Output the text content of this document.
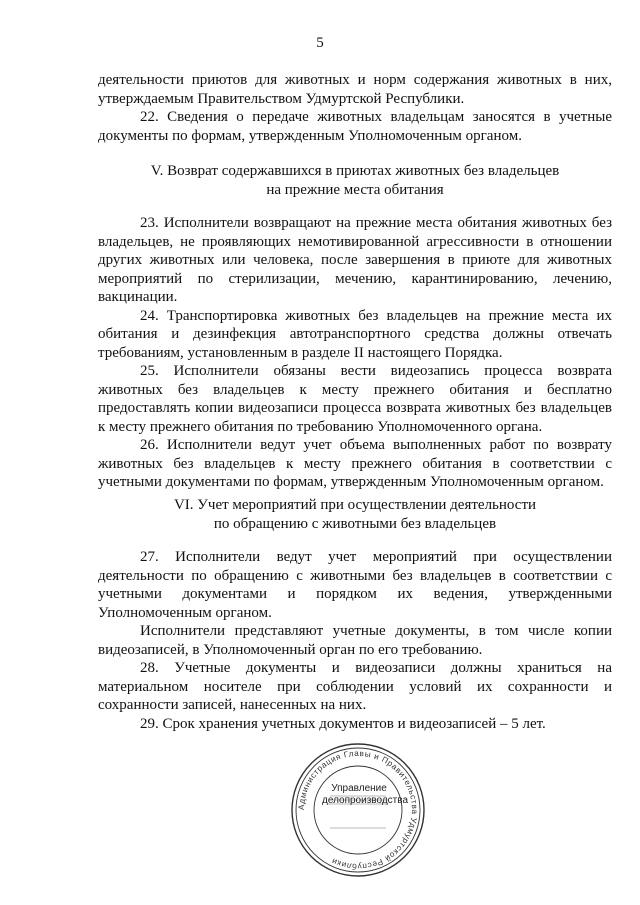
5

деятельности приютов для животных и норм содержания животных в них, утверждаемым Правительством Удмуртской Республики.

22. Сведения о передаче животных владельцам заносятся в учетные документы по формам, утвержденным Уполномоченным органом.

V. Возврат содержавшихся в приютах животных без владельцев
на прежние места обитания

23. Исполнители возвращают на прежние места обитания животных без владельцев, не проявляющих немотивированной агрессивности в отношении других животных или человека, после завершения в приюте для животных мероприятий по стерилизации, мечению, карантинированию, лечению, вакцинации.

24. Транспортировка животных без владельцев на прежние места их обитания и дезинфекция автотранспортного средства должны отвечать требованиям, установленным в разделе II настоящего Порядка.

25. Исполнители обязаны вести видеозапись процесса возврата животных без владельцев к месту прежнего обитания и бесплатно предоставлять копии видеозаписи процесса возврата животных без владельцев к месту прежнего обитания по требованию Уполномоченного органа.

26. Исполнители ведут учет объема выполненных работ по возврату животных без владельцев к месту прежнего обитания в соответствии с учетными документами по формам, утвержденным Уполномоченным органом.

VI. Учет мероприятий при осуществлении деятельности
по обращению с животными без владельцев

27. Исполнители ведут учет мероприятий при осуществлении деятельности по обращению с животными без владельцев в соответствии с учетными документами и порядком их ведения, утвержденными Уполномоченным органом.

Исполнители представляют учетные документы, в том числе копии видеозаписей, в Уполномоченный орган по его требованию.

28. Учетные документы и видеозаписи должны храниться на материальном носителе при соблюдении условий их сохранности и сохранности записей, нанесенных на них.

29. Срок хранения учетных документов и видеозаписей – 5 лет.

Администрация Главы и Правительства Удмуртской Республики
Управление
делопроизводства
